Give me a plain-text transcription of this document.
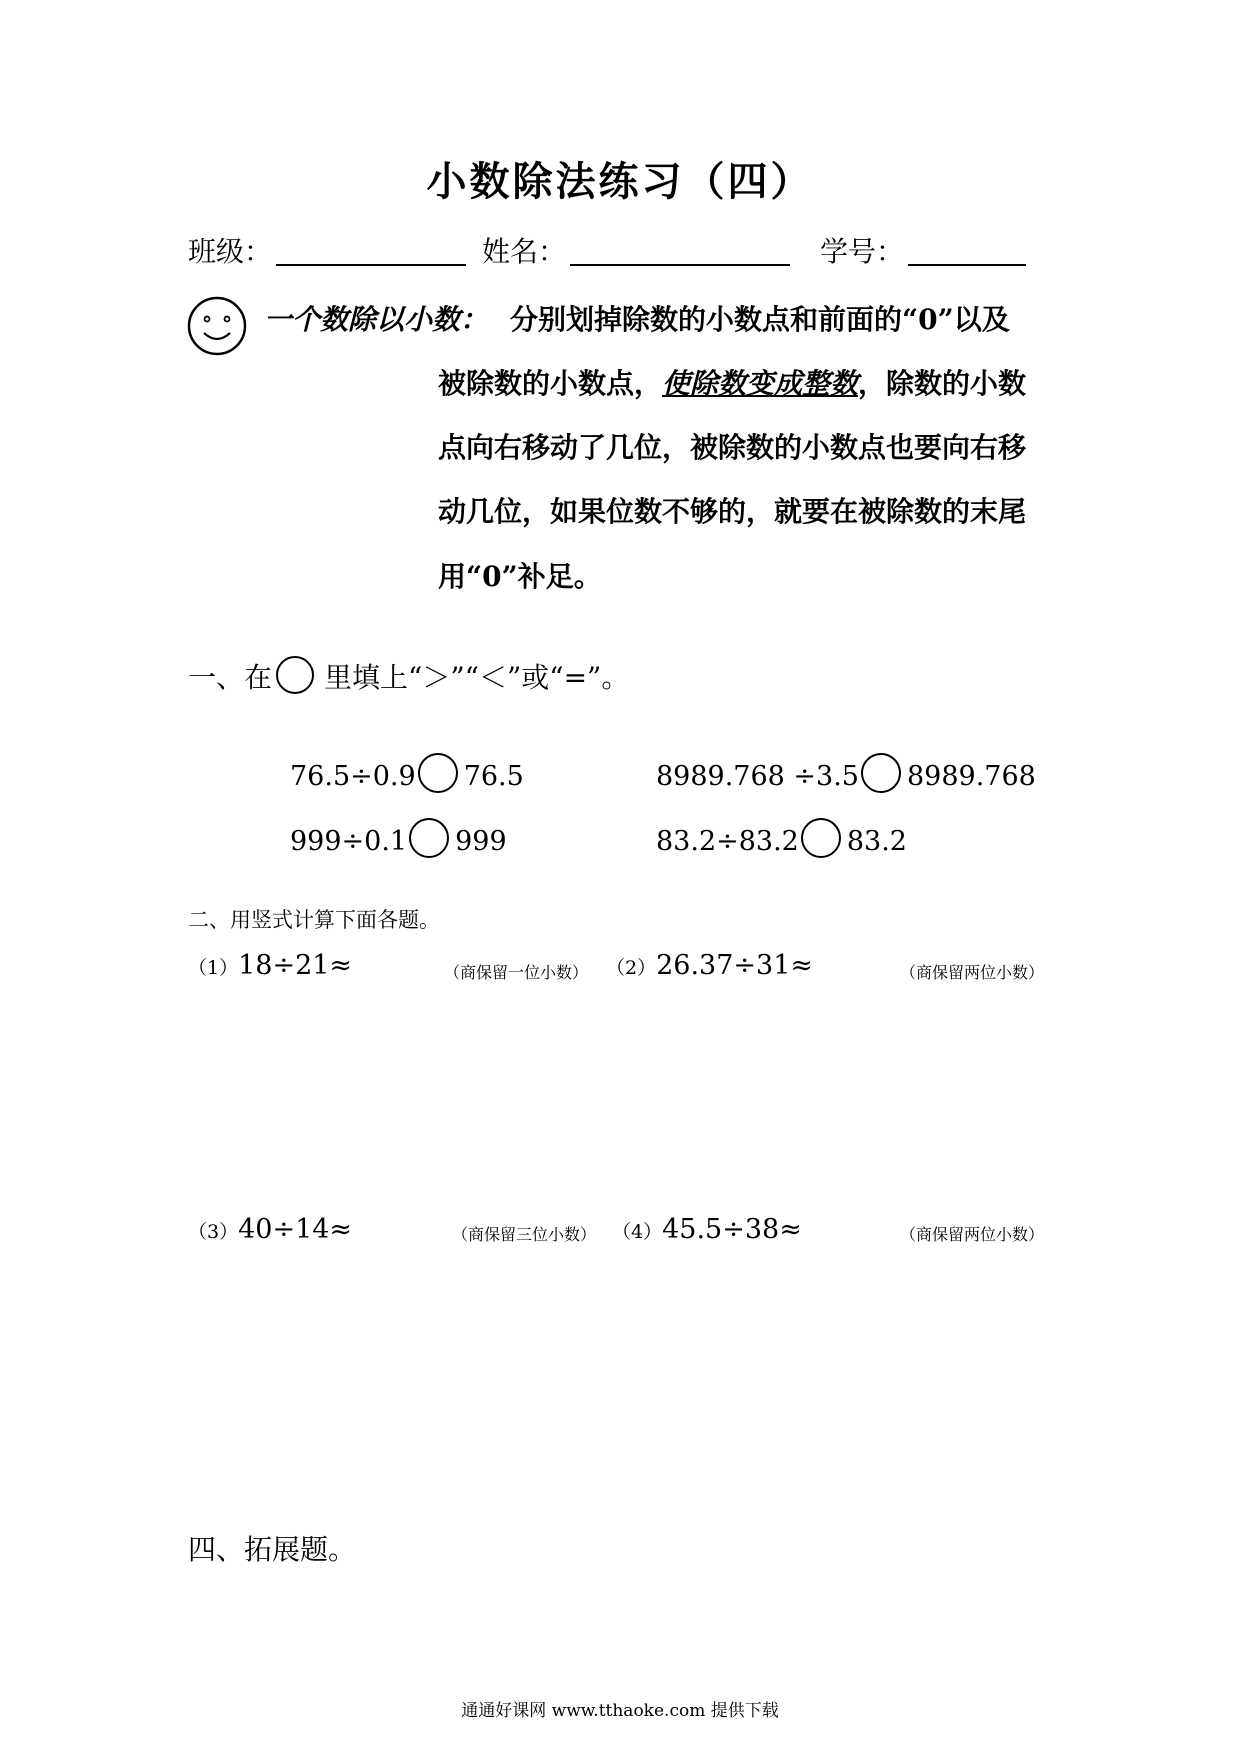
小数除法练习（四）
班级：	姓名：	学号：
一个数除以小数： 分别划掉除数的小数点和前面的“0”以及
被除数的小数点，使除数变成整数，除数的小数
点向右移动了几位，被除数的小数点也要向右移
动几位，如果位数不够的，就要在被除数的末尾
用“0”补足。
一、在 里填上“＞”“＜”或“=”。
76.5÷0.9 76.5	8989.768 ÷3.5 8989.768
999÷0.1 999	83.2÷83.2 83.2
二、用竖式计算下面各题。
（1）18÷21≈	（商保留一位小数） （2）26.37÷31≈	（商保留两位小数）
（3）40÷14≈	（商保留三位小数） （4）45.5÷38≈	（商保留两位小数）
四、拓展题。
通通好课网 www.tthaoke.com 提供下载
